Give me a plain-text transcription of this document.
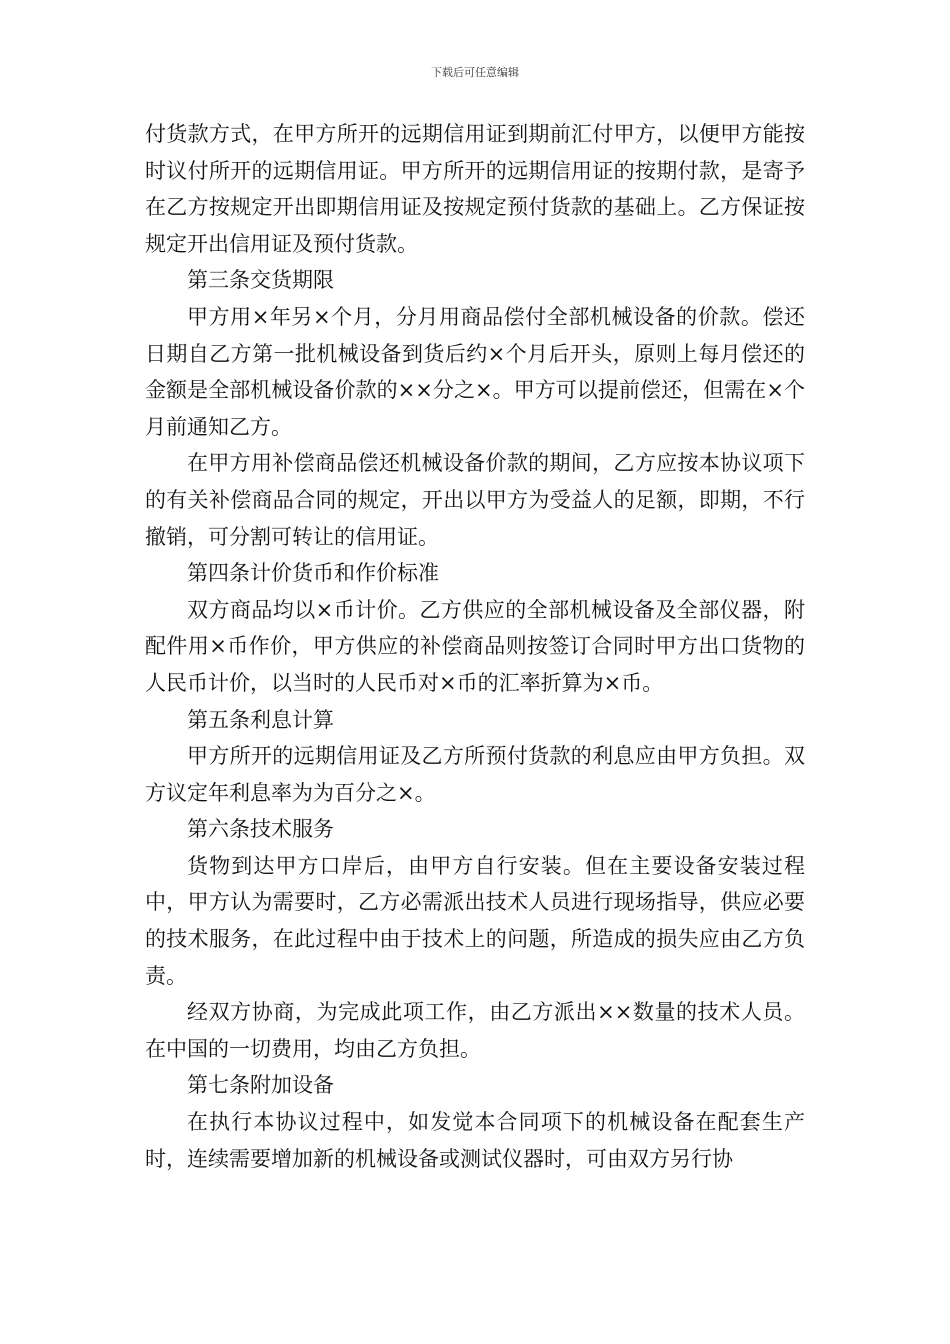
下载后可任意编辑

付货款方式，在甲方所开的远期信用证到期前汇付甲方，以便甲方能按时议付所开的远期信用证。甲方所开的远期信用证的按期付款，是寄予在乙方按规定开出即期信用证及按规定预付货款的基础上。乙方保证按规定开出信用证及预付货款。

第三条交货期限

甲方用×年另×个月，分月用商品偿付全部机械设备的价款。偿还日期自乙方第一批机械设备到货后约×个月后开头，原则上每月偿还的金额是全部机械设备价款的××分之×。甲方可以提前偿还，但需在×个月前通知乙方。

在甲方用补偿商品偿还机械设备价款的期间，乙方应按本协议项下的有关补偿商品合同的规定，开出以甲方为受益人的足额，即期，不行撤销，可分割可转让的信用证。

第四条计价货币和作价标准

双方商品均以×币计价。乙方供应的全部机械设备及全部仪器，附配件用×币作价，甲方供应的补偿商品则按签订合同时甲方出口货物的人民币计价，以当时的人民币对×币的汇率折算为×币。

第五条利息计算

甲方所开的远期信用证及乙方所预付货款的利息应由甲方负担。双方议定年利息率为为百分之×。

第六条技术服务

货物到达甲方口岸后，由甲方自行安装。但在主要设备安装过程中，甲方认为需要时，乙方必需派出技术人员进行现场指导，供应必要的技术服务，在此过程中由于技术上的问题，所造成的损失应由乙方负责。

经双方协商，为完成此项工作，由乙方派出××数量的技术人员。在中国的一切费用，均由乙方负担。

第七条附加设备

在执行本协议过程中，如发觉本合同项下的机械设备在配套生产时，连续需要增加新的机械设备或测试仪器时，可由双方另行协
